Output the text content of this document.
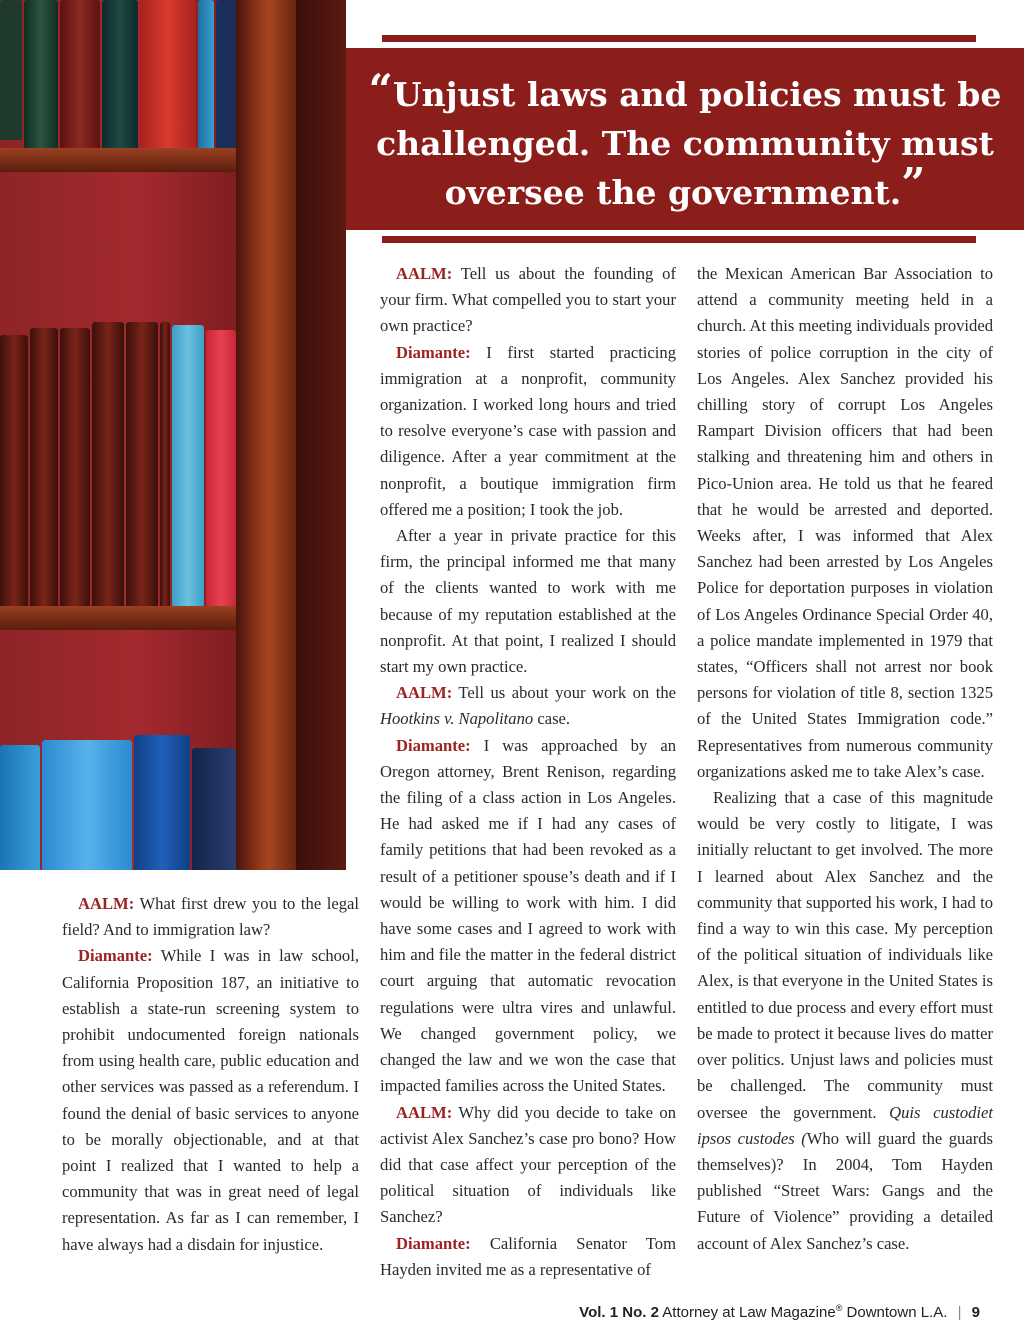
“Unjust laws and policies must be challenged. The community must oversee the government.”

AALM: What first drew you to the legal field? And to immigration law?

Diamante: While I was in law school, California Proposition 187, an initiative to establish a state-run screening system to prohibit undocumented foreign nationals from using health care, public education and other services was passed as a referendum. I found the denial of basic services to anyone to be morally objectionable, and at that point I realized that I wanted to help a community that was in great need of legal representation. As far as I can remember, I have always had a disdain for injustice.

AALM: Tell us about the founding of your firm. What compelled you to start your own practice?

Diamante: I first started practicing immigration at a nonprofit, community organization. I worked long hours and tried to resolve everyone’s case with passion and diligence. After a year commitment at the nonprofit, a boutique immigration firm offered me a position; I took the job.

After a year in private practice for this firm, the principal informed me that many of the clients wanted to work with me because of my reputation established at the nonprofit. At that point, I realized I should start my own practice.

AALM: Tell us about your work on the Hootkins v. Napolitano case.

Diamante: I was approached by an Oregon attorney, Brent Renison, regarding the filing of a class action in Los Angeles. He had asked me if I had any cases of family petitions that had been revoked as a result of a petitioner spouse’s death and if I would be willing to work with him. I did have some cases and I agreed to work with him and file the matter in the federal district court arguing that automatic revocation regulations were ultra vires and unlawful. We changed government policy, we changed the law and we won the case that impacted families across the United States.

AALM: Why did you decide to take on activist Alex Sanchez’s case pro bono? How did that case affect your perception of the political situation of individuals like Sanchez?

Diamante: California Senator Tom Hayden invited me as a representative of

the Mexican American Bar Association to attend a community meeting held in a church. At this meeting individuals provided stories of police corruption in the city of Los Angeles. Alex Sanchez provided his chilling story of corrupt Los Angeles Rampart Division officers that had been stalking and threatening him and others in Pico-Union area. He told us that he feared that he would be arrested and deported. Weeks after, I was informed that Alex Sanchez had been arrested by Los Angeles Police for deportation purposes in violation of Los Angeles Ordinance Special Order 40, a police mandate implemented in 1979 that states, “Officers shall not arrest nor book persons for violation of title 8, section 1325 of the United States Immigration code.” Representatives from numerous community organizations asked me to take Alex’s case.

Realizing that a case of this magnitude would be very costly to litigate, I was initially reluctant to get involved. The more I learned about Alex Sanchez and the community that supported his work, I had to find a way to win this case. My perception of the political situation of individuals like Alex, is that everyone in the United States is entitled to due process and every effort must be made to protect it because lives do matter over politics. Unjust laws and policies must be challenged. The community must oversee the government. Quis custodiet ipsos custodes (Who will guard the guards themselves)? In 2004, Tom Hayden published “Street Wars: Gangs and the Future of Violence” providing a detailed account of Alex Sanchez’s case.

Vol. 1 No. 2 Attorney at Law Magazine® Downtown L.A. | 9
